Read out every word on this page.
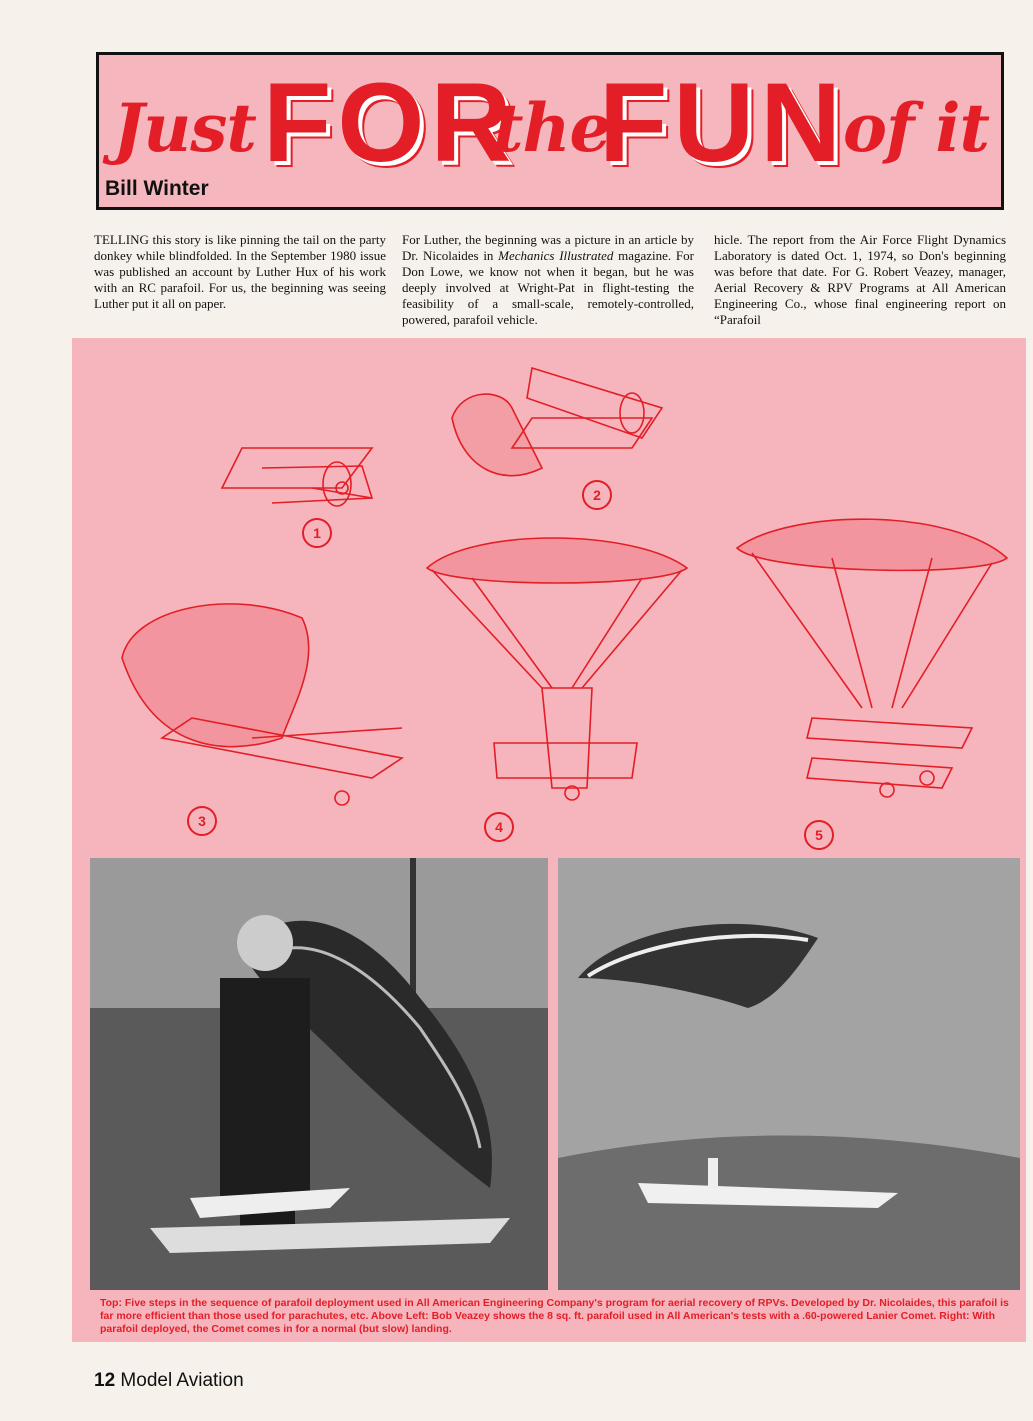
Just FOR
the
FUN
of it
Bill Winter
TELLING this story is like pinning the tail on the party donkey while blindfolded. In the September 1980 issue was published an account by Luther Hux of his work with an RC parafoil. For us, the beginning was seeing Luther put it all on paper.
For Luther, the beginning was a picture in an article by Dr. Nicolaides in Mechanics Illustrated magazine. For Don Lowe, we know not when it began, but he was deeply involved at Wright-Pat in flight-testing the feasibility of a small-scale, remotely-controlled, powered, parafoil vehicle.
hicle. The report from the Air Force Flight Dynamics Laboratory is dated Oct. 1, 1974, so Don's beginning was before that date. For G. Robert Veazey, manager, Aerial Recovery & RPV Programs at All American Engineering Co., whose final engineering report on “Parafoil
1
2
3	4	5
Top: Five steps in the sequence of parafoil deployment used in All American Engineering Company's program for aerial recovery of RPVs. Developed by Dr. Nicolaides, this parafoil is far more efficient than those used for parachutes, etc. Above Left: Bob Veazey shows the 8 sq. ft. parafoil used in All American's tests with a .60-powered Lanier Comet. Right: With parafoil deployed, the Comet comes in for a normal (but slow) landing.
12 Model Aviation
